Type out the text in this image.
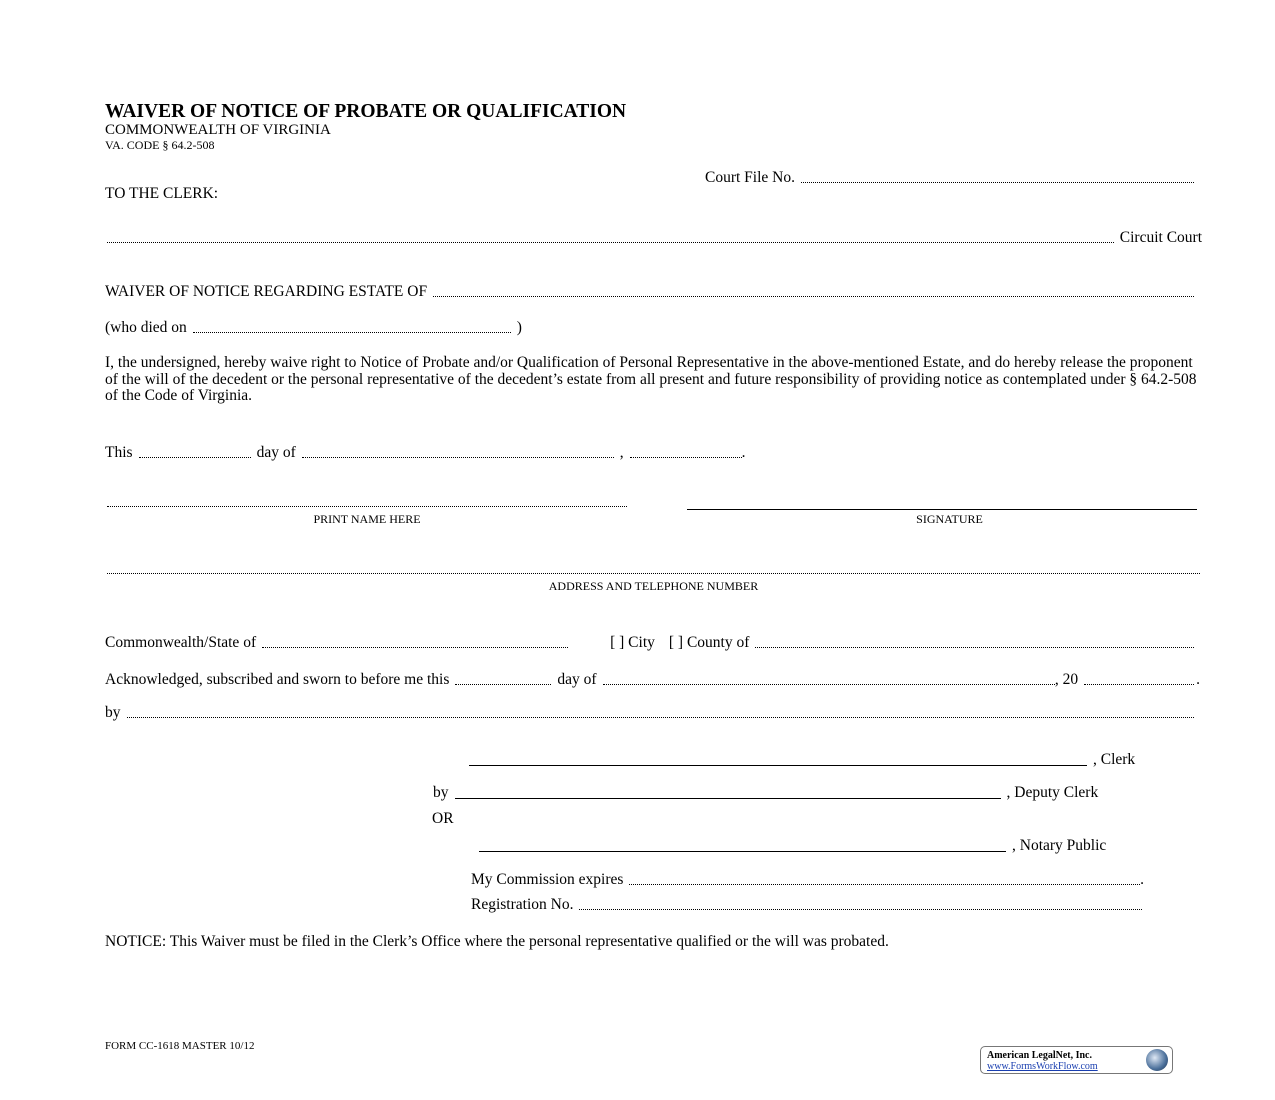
WAIVER OF NOTICE OF PROBATE OR QUALIFICATION
COMMONWEALTH OF VIRGINIA
VA. CODE § 64.2-508
Court File No.
TO THE CLERK:
Circuit Court
WAIVER OF NOTICE REGARDING ESTATE OF
(who died on	)
I, the undersigned, hereby waive right to Notice of Probate and/or Qualification of Personal Representative in the above-mentioned Estate, and do hereby release the proponent of the will of the decedent or the personal representative of the decedent’s estate from all present and future responsibility of providing notice as contemplated under § 64.2-508 of the Code of Virginia.
This	day of	,	.
PRINT NAME HERE	SIGNATURE
ADDRESS AND TELEPHONE NUMBER
Commonwealth/State of	[ ] City [ ] County of
Acknowledged, subscribed and sworn to before me this	day of	, 20	.
by
, Clerk
by	, Deputy Clerk
OR
, Notary Public
My Commission expires	.
Registration No.
NOTICE: This Waiver must be filed in the Clerk’s Office where the personal representative qualified or the will was probated.
FORM CC-1618 MASTER 10/12
American LegalNet, Inc.
www.FormsWorkFlow.com
